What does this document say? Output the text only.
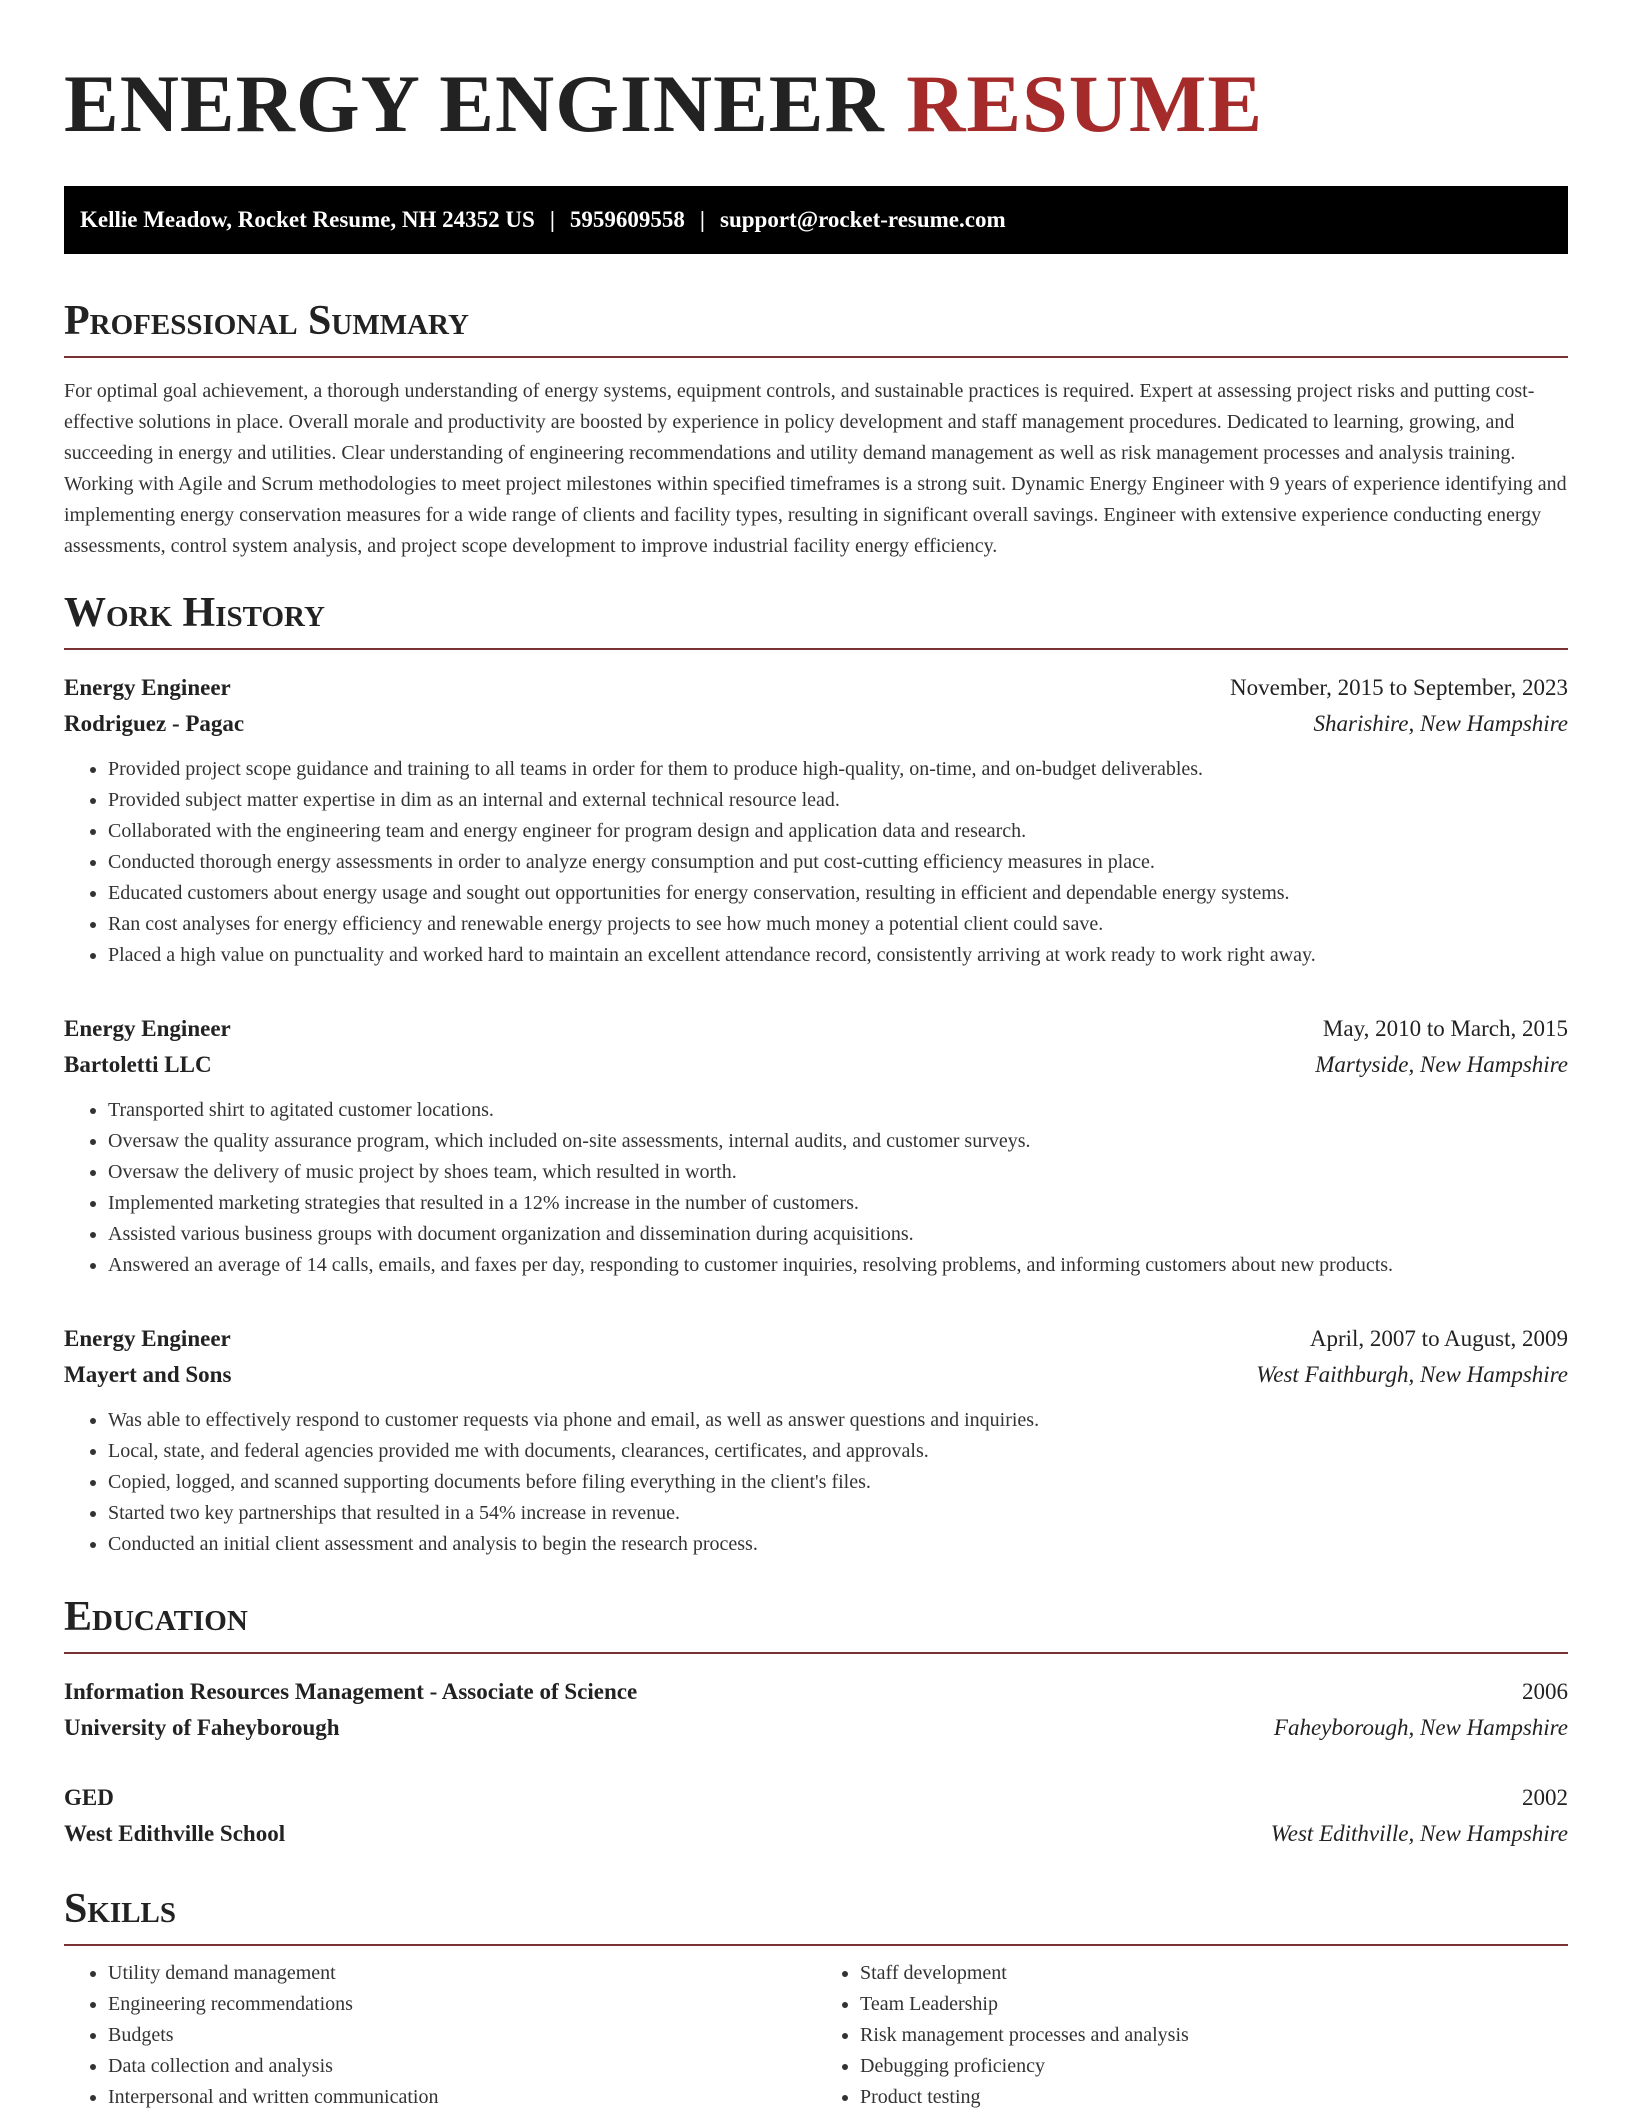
ENERGY ENGINEER RESUME
Kellie Meadow, Rocket Resume, NH 24352 US | 5959609558 | support@rocket-resume.com
Professional Summary

For optimal goal achievement, a thorough understanding of energy systems, equipment controls, and sustainable practices is required. Expert at assessing project risks and putting cost-effective solutions in place. Overall morale and productivity are boosted by experience in policy development and staff management procedures. Dedicated to learning, growing, and succeeding in energy and utilities. Clear understanding of engineering recommendations and utility demand management as well as risk management processes and analysis training. Working with Agile and Scrum methodologies to meet project milestones within specified timeframes is a strong suit. Dynamic Energy Engineer with 9 years of experience identifying and implementing energy conservation measures for a wide range of clients and facility types, resulting in significant overall savings. Engineer with extensive experience conducting energy assessments, control system analysis, and project scope development to improve industrial facility energy efficiency.

Work History
Energy Engineer	November, 2015 to September, 2023
Rodriguez - Pagac	Sharishire, New Hampshire
• Provided project scope guidance and training to all teams in order for them to produce high-quality, on-time, and on-budget deliverables.
• Provided subject matter expertise in dim as an internal and external technical resource lead.
• Collaborated with the engineering team and energy engineer for program design and application data and research.
• Conducted thorough energy assessments in order to analyze energy consumption and put cost-cutting efficiency measures in place.
• Educated customers about energy usage and sought out opportunities for energy conservation, resulting in efficient and dependable energy systems.
• Ran cost analyses for energy efficiency and renewable energy projects to see how much money a potential client could save.
• Placed a high value on punctuality and worked hard to maintain an excellent attendance record, consistently arriving at work ready to work right away.
Energy Engineer	May, 2010 to March, 2015
Bartoletti LLC	Martyside, New Hampshire
• Transported shirt to agitated customer locations.
• Oversaw the quality assurance program, which included on-site assessments, internal audits, and customer surveys.
• Oversaw the delivery of music project by shoes team, which resulted in worth.
• Implemented marketing strategies that resulted in a 12% increase in the number of customers.
• Assisted various business groups with document organization and dissemination during acquisitions.
• Answered an average of 14 calls, emails, and faxes per day, responding to customer inquiries, resolving problems, and informing customers about new products.
Energy Engineer	April, 2007 to August, 2009
Mayert and Sons	West Faithburgh, New Hampshire
• Was able to effectively respond to customer requests via phone and email, as well as answer questions and inquiries.
• Local, state, and federal agencies provided me with documents, clearances, certificates, and approvals.
• Copied, logged, and scanned supporting documents before filing everything in the client's files.
• Started two key partnerships that resulted in a 54% increase in revenue.
• Conducted an initial client assessment and analysis to begin the research process.
Education
Information Resources Management - Associate of Science	2006
University of Faheyborough	Faheyborough, New Hampshire
GED	2002
West Edithville School	West Edithville, New Hampshire
Skills
• Utility demand management
• Engineering recommendations
• Budgets
• Data collection and analysis
• Interpersonal and written communication
• Staff development
• Team Leadership
• Risk management processes and analysis
• Debugging proficiency
• Product testing
